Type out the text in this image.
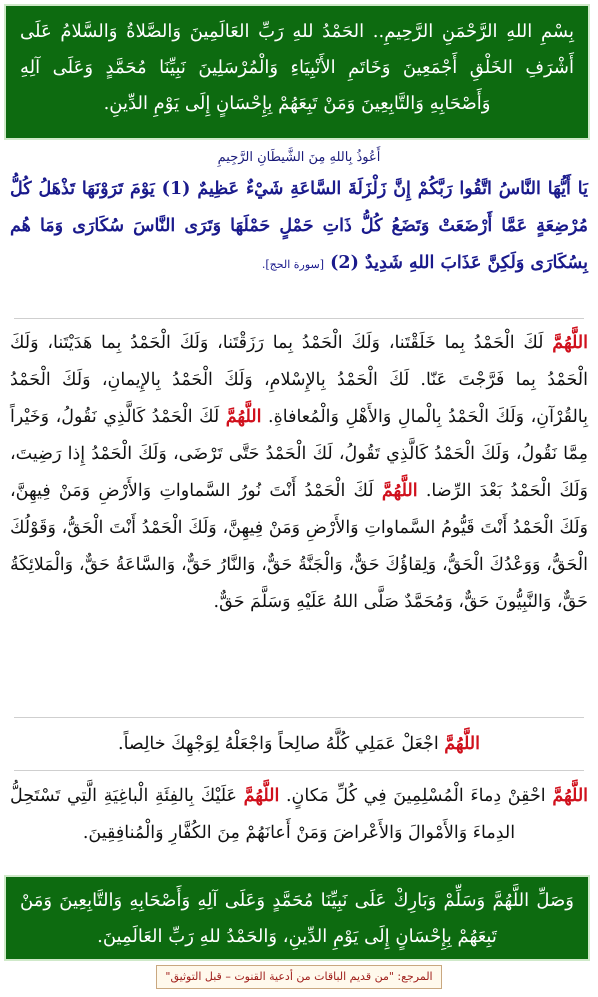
بِسْمِ اللهِ الرَّحْمَنِ الرَّحِيمِ.. الحَمْدُ للهِ رَبِّ العَالَمِينَ وَالصَّلاةُ وَالسَّلامُ عَلَى أَشْرَفِ الخَلْقِ أَجْمَعِينَ وَخَاتَمِ الأَنْبِيَاءِ وَالْمُرْسَلِينَ نَبِيِّنَا مُحَمَّدٍ وَعَلَى آلِهِ وَأَصْحَابِهِ وَالتَّابِعِينَ وَمَنْ تَبِعَهُمْ بِإِحْسَانٍ إِلَى يَوْمِ الدِّينِ.
أَعُوذُ بِاللهِ مِنَ الشَّيطَانِ الرَّجِيمِ
يَا أَيُّهَا النَّاسُ اتَّقُوا رَبَّكُمْ إِنَّ زَلْزَلَةَ السَّاعَةِ شَيْءٌ عَظِيمٌ (1) يَوْمَ تَرَوْنَهَا تَذْهَلُ كُلُّ مُرْضِعَةٍ عَمَّا أَرْضَعَتْ وَتَضَعُ كُلُّ ذَاتِ حَمْلٍ حَمْلَهَا وَتَرَى النَّاسَ سُكَارَى وَمَا هُم بِسُكَارَى وَلَكِنَّ عَذَابَ اللهِ شَدِيدٌ (2) [سورة الحج].
اللَّهُمَّ لَكَ الْحَمْدُ بِما خَلَقْتَنا، وَلَكَ الْحَمْدُ بِما رَزَقْتَنا، وَلَكَ الْحَمْدُ بِما هَدَيْتَنا، وَلَكَ الْحَمْدُ بِما فَرَّجْتَ عَنّا. لَكَ الْحَمْدُ بِالإِسْلامِ، وَلَكَ الْحَمْدُ بِالإِيمانِ، وَلَكَ الْحَمْدُ بِالقُرْآنِ، وَلَكَ الْحَمْدُ بِالْمالِ وَالأَهْلِ وَالْمُعافاةِ. اللَّهُمَّ لَكَ الْحَمْدُ كَالَّذِي نَقُولُ، وَخَيْراً مِمَّا نَقُولُ، وَلَكَ الْحَمْدُ كَالَّذِي تَقُولُ، لَكَ الْحَمْدُ حَتَّى تَرْضَى، وَلَكَ الْحَمْدُ إِذا رَضِيتَ، وَلَكَ الْحَمْدُ بَعْدَ الرِّضا. اللَّهُمَّ لَكَ الْحَمْدُ أَنْتَ نُورُ السَّماواتِ وَالأَرْضِ وَمَنْ فِيهِنَّ، وَلَكَ الْحَمْدُ أَنْتَ قَيُّومُ السَّماواتِ وَالأَرْضِ وَمَنْ فِيهِنَّ، وَلَكَ الْحَمْدُ أَنْتَ الْحَقُّ، وَقَوْلُكَ الْحَقُّ، وَوَعْدُكَ الْحَقُّ، وَلِقاؤُكَ حَقٌّ، وَالْجَنَّةُ حَقٌّ، وَالنَّارُ حَقٌّ، وَالسَّاعَةُ حَقٌّ، وَالْمَلائِكَةُ حَقٌّ، وَالنَّبِيُّونَ حَقٌّ، وَمُحَمَّدٌ صَلَّى اللهُ عَلَيْهِ وَسَلَّمَ حَقٌّ.
اللَّهُمَّ اجْعَلْ عَمَلِي كُلَّهُ صالِحاً وَاجْعَلْهُ لِوَجْهِكَ خالِصاً.
اللَّهُمَّ احْقِنْ دِماءَ الْمُسْلِمِينَ فِي كُلِّ مَكانٍ. اللَّهُمَّ عَلَيْكَ بِالفِئَةِ الْباغِيَةِ الَّتِي تَسْتَحِلُّ الدِماءَ وَالأَمْوالَ وَالأَعْراضَ وَمَنْ أَعانَهُمْ مِنَ الكُفَّارِ وَالْمُنافِقِينَ.
وَصَلِّ اللَّهُمَّ وَسَلِّمْ وَبَارِكْ عَلَى نَبِيِّنَا مُحَمَّدٍ وَعَلَى آلِهِ وَأَصْحَابِهِ وَالتَّابِعِينَ وَمَنْ تَبِعَهُمْ بِإِحْسَانٍ إِلَى يَوْمِ الدِّينِ، وَالحَمْدُ للهِ رَبِّ العَالَمِينَ.
المرجع: "من قديم الباقات من أدعية القنوت – قبل التوثيق"
